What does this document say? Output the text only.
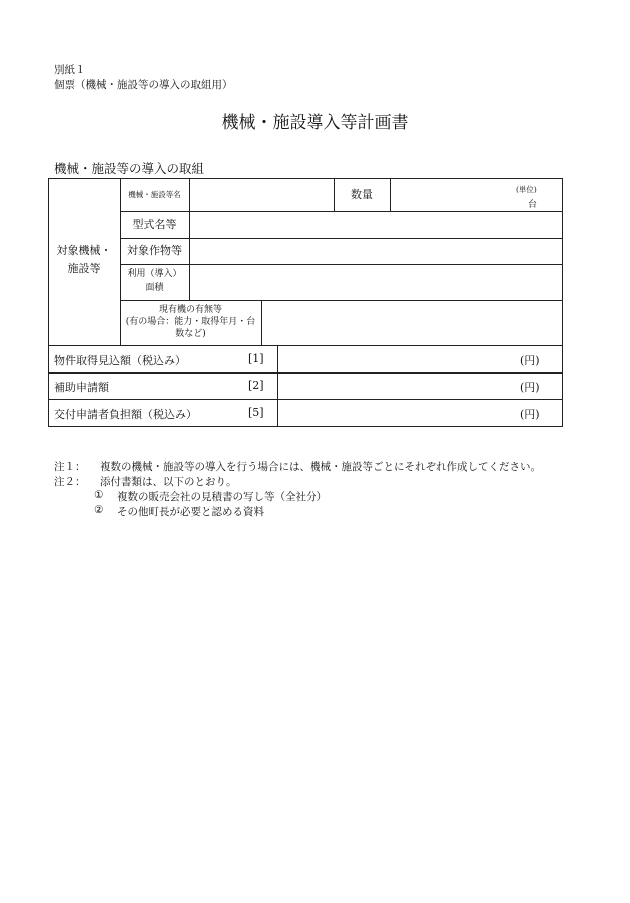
別紙１
個票（機械・施設等の導入の取組用）
機械・施設導入等計画書
機械・施設等の導入の取組
対象機械・
施設等
機械・施設等名	数量	(単位)
台
型式名等
対象作物等
利用（導入）
面積
現有機の有無等
(有の場合：能力・取得年月・台
数など)
物件取得見込額（税込み）	[1]	(円)
補助申請額	[2]	(円)
交付申請者負担額（税込み）	[5]	(円)
注１： 複数の機械・施設等の導入を行う場合には、機械・施設等ごとにそれぞれ作成してください。
注２： 添付書類は、以下のとおり。
① 複数の販売会社の見積書の写し等（全社分）
② その他町長が必要と認める資料
